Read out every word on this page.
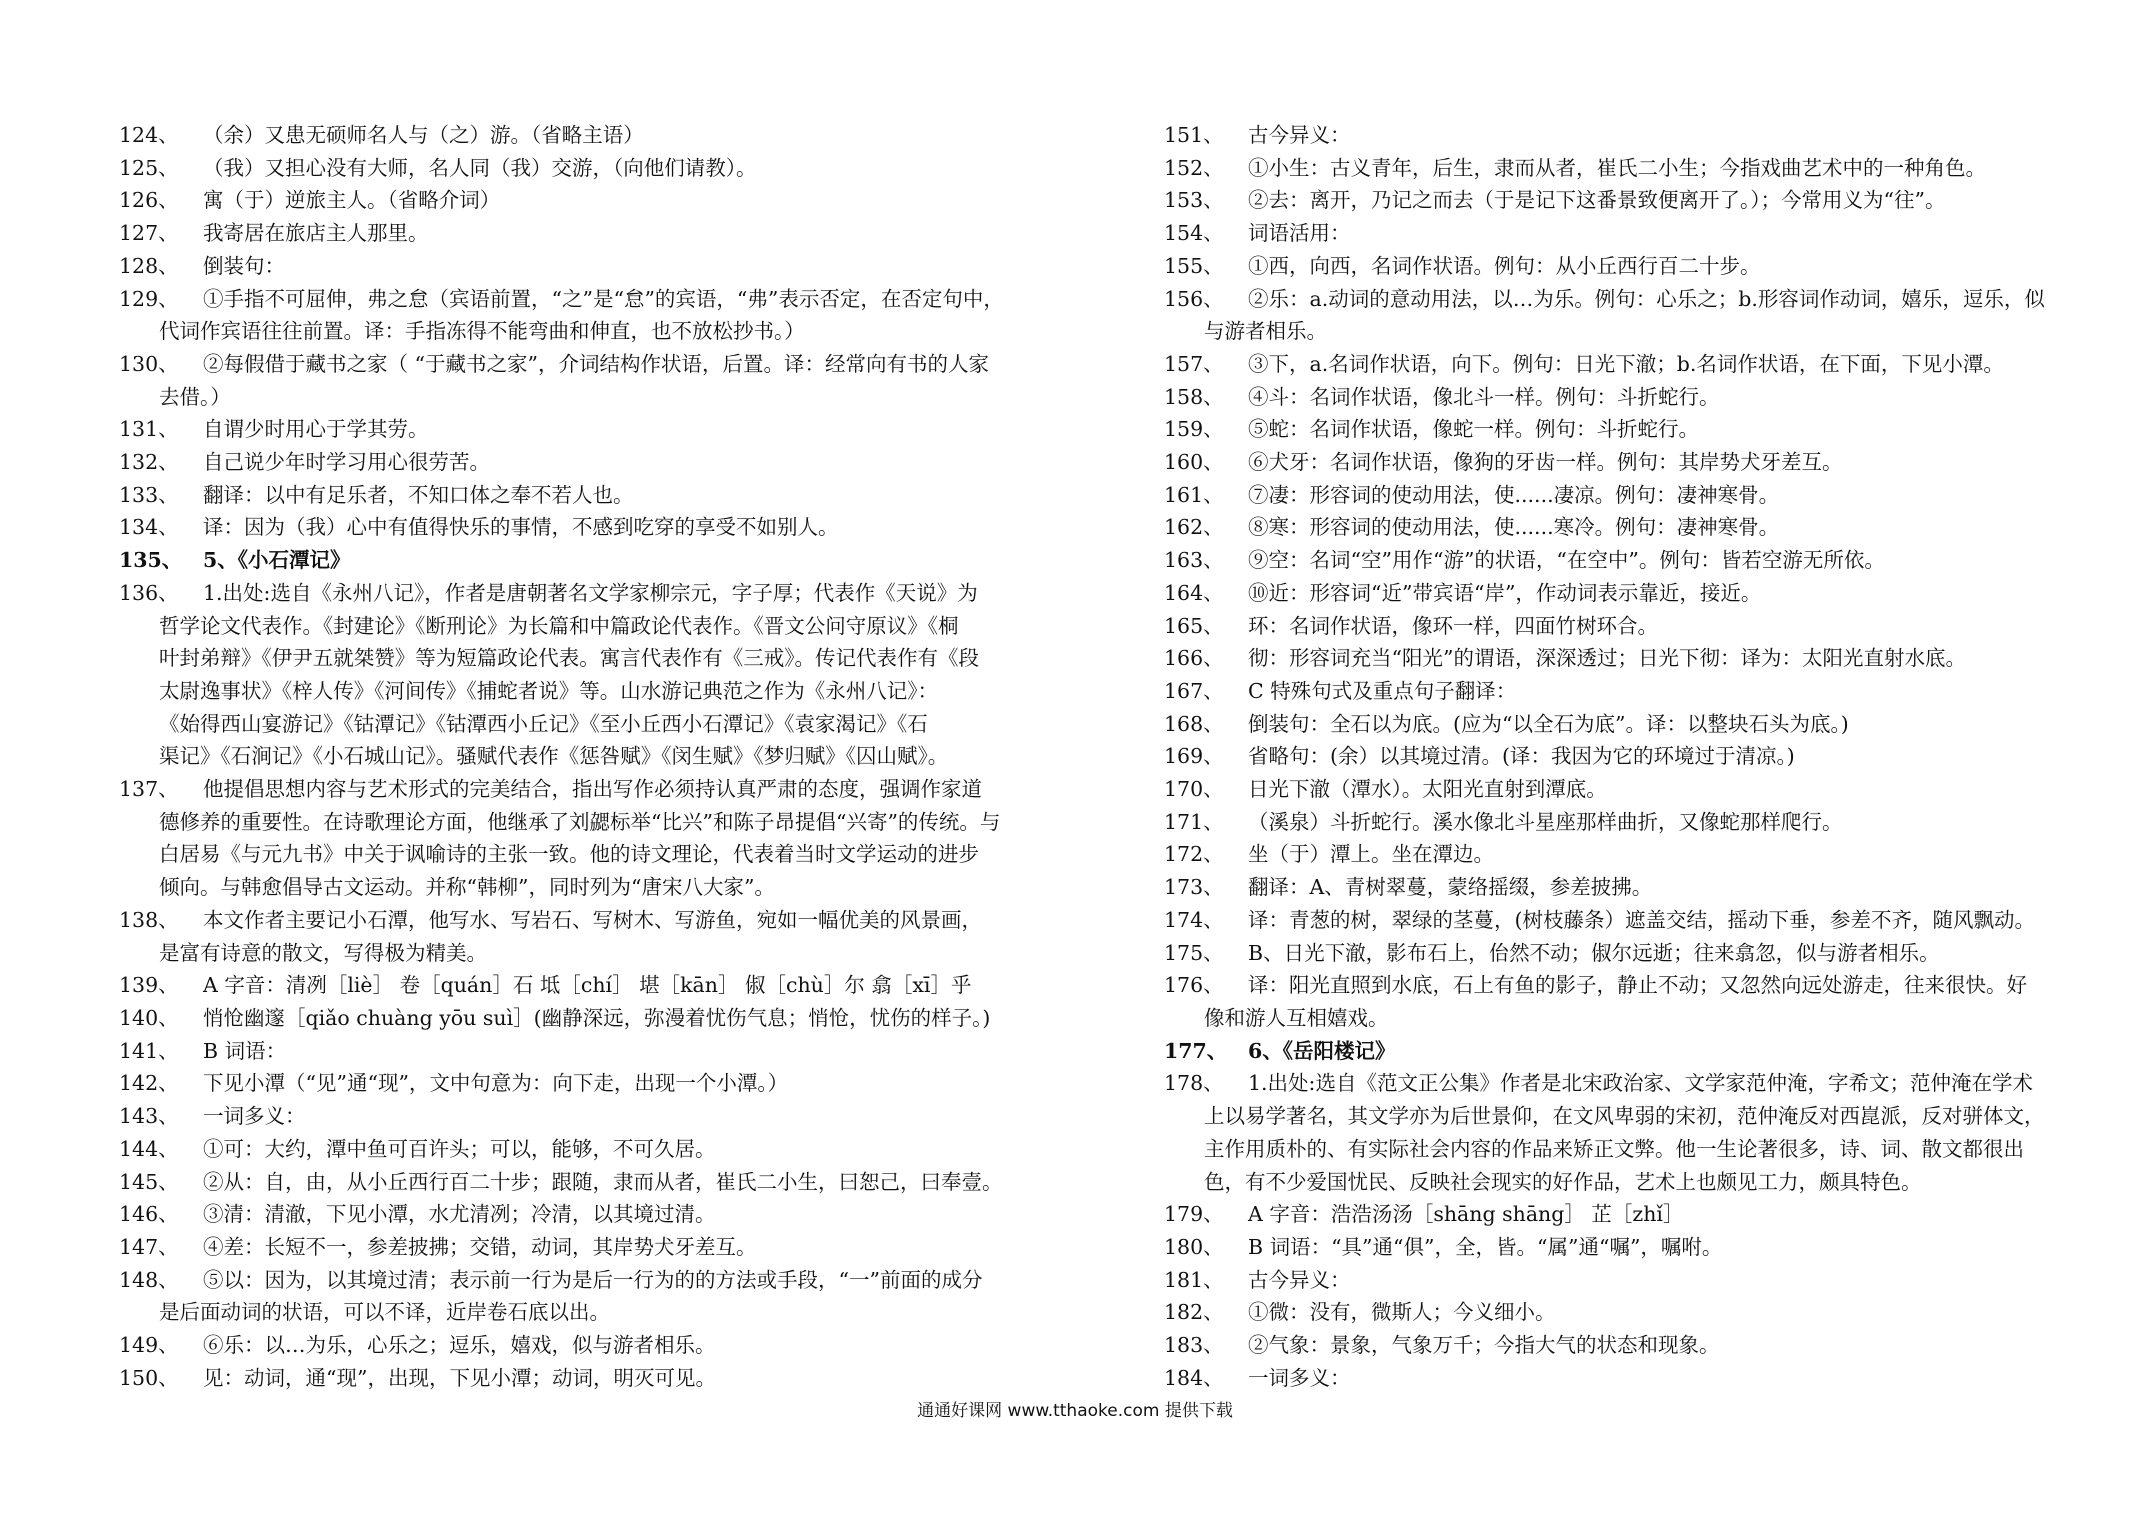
124、	（余）又患无硕师名人与（之）游。（省略主语）
125、	（我）又担心没有大师，名人同（我）交游，（向他们请教）。
126、	寓（于）逆旅主人。（省略介词）
127、	我寄居在旅店主人那里。
128、	倒装句：
129、	①手指不可屈伸，弗之怠（宾语前置，“之”是“怠”的宾语，“弗”表示否定，在否定句中，
代词作宾语往往前置。译：手指冻得不能弯曲和伸直，也不放松抄书。）
130、	②每假借于藏书之家（ “于藏书之家”，介词结构作状语，后置。译：经常向有书的人家
去借。）
131、	自谓少时用心于学其劳。
132、	自己说少年时学习用心很劳苦。
133、	翻译：以中有足乐者，不知口体之奉不若人也。
134、	译：因为（我）心中有值得快乐的事情，不感到吃穿的享受不如别人。
135、	5、《小石潭记》
136、	1.出处:选自《永州八记》，作者是唐朝著名文学家柳宗元，字子厚；代表作《天说》为
哲学论文代表作。《封建论》《断刑论》为长篇和中篇政论代表作。《晋文公问守原议》《桐
叶封弟辩》《伊尹五就桀赞》等为短篇政论代表。寓言代表作有《三戒》。传记代表作有《段
太尉逸事状》《梓人传》《河间传》《捕蛇者说》等。山水游记典范之作为《永州八记》：
《始得西山宴游记》《钴潭记》《钴潭西小丘记》《至小丘西小石潭记》《袁家渴记》《石
渠记》《石涧记》《小石城山记》。骚赋代表作《惩咎赋》《闵生赋》《梦归赋》《囚山赋》。
137、	他提倡思想内容与艺术形式的完美结合，指出写作必须持认真严肃的态度，强调作家道
德修养的重要性。在诗歌理论方面，他继承了刘勰标举“比兴”和陈子昂提倡“兴寄”的传统。与
白居易《与元九书》中关于讽喻诗的主张一致。他的诗文理论，代表着当时文学运动的进步
倾向。与韩愈倡导古文运动。并称“韩柳”，同时列为“唐宋八大家”。
138、	本文作者主要记小石潭，他写水、写岩石、写树木、写游鱼，宛如一幅优美的风景画，
是富有诗意的散文，写得极为精美。
139、	A 字音：清冽［liè］ 卷［quán］石 坻［chí］ 堪［kān］ 俶［chù］尔 翕［xī］乎
140、	悄怆幽邃［qiǎo chuàng yōu suì］(幽静深远，弥漫着忧伤气息；悄怆，忧伤的样子。)
141、	B 词语：
142、	下见小潭（“见”通“现”，文中句意为：向下走，出现一个小潭。）
143、	一词多义：
144、	①可：大约，潭中鱼可百许头；可以，能够，不可久居。
145、	②从：自，由，从小丘西行百二十步；跟随，隶而从者，崔氏二小生，曰恕己，曰奉壹。
146、	③清：清澈，下见小潭，水尤清冽；冷清，以其境过清。
147、	④差：长短不一，参差披拂；交错，动词，其岸势犬牙差互。
148、	⑤以：因为，以其境过清；表示前一行为是后一行为的的方法或手段，“一”前面的成分
是后面动词的状语，可以不译，近岸卷石底以出。
149、	⑥乐：以…为乐，心乐之；逗乐，嬉戏，似与游者相乐。
150、	见：动词，通“现”，出现，下见小潭；动词，明灭可见。
151、	古今异义：
152、	①小生：古义青年，后生，隶而从者，崔氏二小生；今指戏曲艺术中的一种角色。
153、	②去：离开，乃记之而去（于是记下这番景致便离开了。）；今常用义为“往”。
154、	词语活用：
155、	①西，向西，名词作状语。例句：从小丘西行百二十步。
156、	②乐：a.动词的意动用法，以…为乐。例句：心乐之；b.形容词作动词，嬉乐，逗乐，似
与游者相乐。
157、	③下，a.名词作状语，向下。例句：日光下澈；b.名词作状语，在下面，下见小潭。
158、	④斗：名词作状语，像北斗一样。例句：斗折蛇行。
159、	⑤蛇：名词作状语，像蛇一样。例句：斗折蛇行。
160、	⑥犬牙：名词作状语，像狗的牙齿一样。例句：其岸势犬牙差互。
161、	⑦凄：形容词的使动用法，使......凄凉。例句：凄神寒骨。
162、	⑧寒：形容词的使动用法，使......寒冷。例句：凄神寒骨。
163、	⑨空：名词“空”用作“游”的状语，“在空中”。例句：皆若空游无所依。
164、	⑩近：形容词“近”带宾语“岸”，作动词表示靠近，接近。
165、	环：名词作状语，像环一样，四面竹树环合。
166、	彻：形容词充当“阳光”的谓语，深深透过；日光下彻：译为：太阳光直射水底。
167、	C 特殊句式及重点句子翻译：
168、	倒装句：全石以为底。(应为“以全石为底”。译：以整块石头为底。)
169、	省略句：(余）以其境过清。(译：我因为它的环境过于清凉。)
170、	日光下澈（潭水）。太阳光直射到潭底。
171、	（溪泉）斗折蛇行。溪水像北斗星座那样曲折，又像蛇那样爬行。
172、	坐（于）潭上。坐在潭边。
173、	翻译：A、青树翠蔓，蒙络摇缀，参差披拂。
174、	译：青葱的树，翠绿的茎蔓，(树枝藤条）遮盖交结，摇动下垂，参差不齐，随风飘动。
175、	B、日光下澈，影布石上，佁然不动；俶尔远逝；往来翕忽，似与游者相乐。
176、	译：阳光直照到水底，石上有鱼的影子，静止不动；又忽然向远处游走，往来很快。好
像和游人互相嬉戏。
177、	6、《岳阳楼记》
178、	1.出处:选自《范文正公集》作者是北宋政治家、文学家范仲淹，字希文；范仲淹在学术
上以易学著名，其文学亦为后世景仰，在文风卑弱的宋初，范仲淹反对西崑派，反对骈体文，
主作用质朴的、有实际社会内容的作品来矫正文弊。他一生论著很多，诗、词、散文都很出
色，有不少爱国忧民、反映社会现实的好作品，艺术上也颇见工力，颇具特色。
179、	A 字音：浩浩汤汤［shāng shāng］ 芷［zhǐ］
180、	B 词语：“具”通“俱”，全，皆。“属”通“嘱”，嘱咐。
181、	古今异义：
182、	①微：没有，微斯人；今义细小。
183、	②气象：景象，气象万千；今指大气的状态和现象。
184、	一词多义：
通通好课网 www.tthaoke.com 提供下载
